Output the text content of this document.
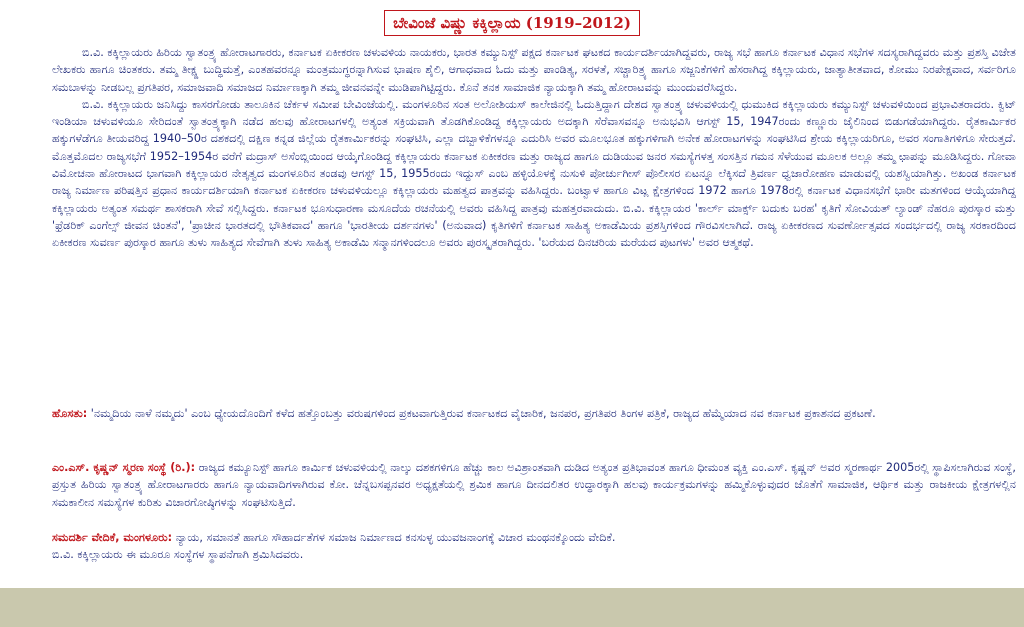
ಬೇವಿಂಜೆ ವಿಷ್ಣು ಕಕ್ಕಿಲ್ಲಾಯ (1919–2012)

ಬಿ.ವಿ. ಕಕ್ಕಿಲ್ಲಾಯರು ಹಿರಿಯ ಸ್ವಾತಂತ್ರ್ಯ ಹೋರಾಟಗಾರರು, ಕರ್ನಾಟಕ ಏಕೀಕರಣ ಚಳುವಳಿಯ ನಾಯಕರು, ಭಾರತ ಕಮ್ಯುನಿಸ್ಟ್ ಪಕ್ಷದ ಕರ್ನಾಟಕ ಘಟಕದ ಕಾರ್ಯದರ್ಶಿಯಾಗಿದ್ದವರು, ರಾಜ್ಯ ಸಭೆ ಹಾಗೂ ಕರ್ನಾಟಕ ವಿಧಾನ ಸಭೆಗಳ ಸದಸ್ಯರಾಗಿದ್ದವರು ಮತ್ತು ಪ್ರಶಸ್ತಿ ವಿಜೇತ ಲೇಖಕರು ಹಾಗೂ ಚಿಂತಕರು. ತಮ್ಮ ತೀಕ್ಷ್ಣ ಬುದ್ಧಿಮತ್ತೆ, ಎಂತಹವರನ್ನೂ ಮಂತ್ರಮುಗ್ಧರನ್ನಾಗಿಸುವ ಭಾಷಣ ಶೈಲಿ, ಆಗಾಧವಾದ ಓದು ಮತ್ತು ಪಾಂಡಿತ್ಯ, ಸರಳತೆ, ಸಚ್ಚಾರಿತ್ರ್ಯ ಹಾಗೂ ಸಜ್ಜನಿಕೆಗಳಿಗೆ ಹೆಸರಾಗಿದ್ದ ಕಕ್ಕಿಲ್ಲಾಯರು, ಜಾತ್ಯಾತೀತವಾದ, ಕೋಮು ನಿರಪೇಕ್ಷವಾದ, ಸರ್ವರಿಗೂ ಸಮಬಾಳನ್ನು ನೀಡಬಲ್ಲ ಪ್ರಗತಿಪರ, ಸಮಾಜವಾದಿ ಸಮಾಜದ ನಿರ್ಮಾಣಕ್ಕಾಗಿ ತಮ್ಮ ಜೀವನವನ್ನೇ ಮುಡಿಪಾಗಿಟ್ಟಿದ್ದರು. ಕೊನೆ ತನಕ ಸಾಮಾಜಿಕ ನ್ಯಾಯಕ್ಕಾಗಿ ತಮ್ಮ ಹೋರಾಟವನ್ನು ಮುಂದುವರೆಸಿದ್ದರು.

ಬಿ.ವಿ. ಕಕ್ಕಿಲ್ಲಾಯರು ಜನಿಸಿದ್ದು ಕಾಸರಗೋಡು ತಾಲೂಕಿನ ಚೆರ್ಕಳ ಸಮೀಪ ಬೇವಿಂಜೆಯಲ್ಲಿ. ಮಂಗಳೂರಿನ ಸಂತ ಅಲೋಶಿಯಸ್ ಕಾಲೇಜಿನಲ್ಲಿ ಓದುತ್ತಿದ್ದಾಗ ದೇಶದ ಸ್ವಾತಂತ್ರ್ಯ ಚಳುವಳಿಯಲ್ಲಿ ಧುಮುಕಿದ ಕಕ್ಕಿಲ್ಲಾಯರು ಕಮ್ಯುನಿಸ್ಟ್ ಚಳುವಳಿಯಿಂದ ಪ್ರಭಾವಿತರಾದರು. ಕ್ವಿಟ್ ಇಂಡಿಯಾ ಚಳುವಳಿಯೂ ಸೇರಿದಂತೆ ಸ್ವಾತಂತ್ರ್ಯಕ್ಕಾಗಿ ನಡೆದ ಹಲವು ಹೋರಾಟಗಳಲ್ಲಿ ಅತ್ಯಂತ ಸಕ್ರಿಯವಾಗಿ ತೊಡಗಿಕೊಂಡಿದ್ದ ಕಕ್ಕಿಲ್ಲಾಯರು ಅದಕ್ಕಾಗಿ ಸೆರೆವಾಸವನ್ನೂ ಅನುಭವಿಸಿ ಆಗಸ್ಟ್ 15, 1947ರಂದು ಕಣ್ಣೂರು ಜೈಲಿನಿಂದ ಬಿಡುಗಡೆಯಾಗಿದ್ದರು. ರೈತಕಾರ್ಮಿಕರ ಹಕ್ಕುಗಳೆಡೆಗೂ ತೀಯವರಿದ್ದ 1940–50ರ ದಶಕದಲ್ಲಿ ದಕ್ಷಿಣ ಕನ್ನಡ ಜಿಲ್ಲೆಯ ರೈತಕಾರ್ಮಿಕರನ್ನು ಸಂಘಟಿಸಿ, ಎಲ್ಲಾ ದಬ್ಬಾಳಿಕೆಗಳನ್ನೂ ಎದುರಿಸಿ ಅವರ ಮೂಲಭೂತ ಹಕ್ಕುಗಳಿಗಾಗಿ ಅನೇಕ ಹೋರಾಟಗಳನ್ನು ಸಂಘಟಿಸಿದ ಶ್ರೇಯ ಕಕ್ಕಿಲ್ಲಾಯರಿಗೂ, ಅವರ ಸಂಗಾತಿಗಳಿಗೂ ಸೇರುತ್ತದೆ. ಮೊತ್ತಮೊದಲ ರಾಜ್ಯಸಭೆಗೆ 1952–1954ರ ವರೆಗೆ ಮದ್ರಾಸ್ ಅಸೆಂಬ್ಲಿಯಿಂದ ಆಯ್ಕೆಗೊಂಡಿದ್ದ ಕಕ್ಕಿಲ್ಲಾಯರು ಕರ್ನಾಟಕ ಏಕೀಕರಣ ಮತ್ತು ರಾಜ್ಯದ ಹಾಗೂ ದುಡಿಯುವ ಜನರ ಸಮಸ್ಯೆಗಳತ್ತ ಸಂಸತ್ತಿನ ಗಮನ ಸೆಳೆಯುವ ಮೂಲಕ ಅಲ್ಲೂ ತಮ್ಮ ಛಾಪನ್ನು ಮೂಡಿಸಿದ್ದರು. ಗೋವಾ ವಿಮೋಚನಾ ಹೋರಾಟದ ಭಾಗವಾಗಿ ಕಕ್ಕಿಲ್ಲಾಯರ ನೇತೃತ್ವದ ಮಂಗಳೂರಿನ ತಂಡವು ಆಗಸ್ಟ್ 15, 1955ರಂದು ಇದ್ದುಸ್ ಎಂಬ ಹಳ್ಳಿಯೊಳಕ್ಕೆ ನುಸುಳಿ ಪೋರ್ಚುಗೀಸ್ ಪೊಲೀಸರ ಏಟನ್ನೂ ಲೆಕ್ಕಿಸದೆ ತ್ರಿವರ್ಣ ಧ್ವಜಾರೋಹಣ ಮಾಡುವಲ್ಲಿ ಯಶಸ್ವಿಯಾಗಿತ್ತು. ಅಖಂಡ ಕರ್ನಾಟಕ ರಾಜ್ಯ ನಿರ್ಮಾಣ ಪರಿಷತ್ತಿನ ಪ್ರಧಾನ ಕಾರ್ಯದರ್ಶಿಯಾಗಿ ಕರ್ನಾಟಕ ಏಕೀಕರಣ ಚಳುವಳಿಯಲ್ಲೂ ಕಕ್ಕಿಲ್ಲಾಯರು ಮಹತ್ವದ ಪಾತ್ರವನ್ನು ವಹಿಸಿದ್ದರು. ಬಂಟ್ವಾಳ ಹಾಗೂ ವಿಟ್ಲ ಕ್ಷೇತ್ರಗಳಿಂದ 1972 ಹಾಗೂ 1978ರಲ್ಲಿ ಕರ್ನಾಟಕ ವಿಧಾನಸಭೆಗೆ ಭಾರೀ ಮತಗಳಿಂದ ಆಯ್ಕೆಯಾಗಿದ್ದ ಕಕ್ಕಿಲ್ಲಾಯರು ಅತ್ಯಂತ ಸಮರ್ಥ ಶಾಸಕರಾಗಿ ಸೇವೆ ಸಲ್ಲಿಸಿದ್ದರು. ಕರ್ನಾಟಕ ಭೂಸುಧಾರಣಾ ಮಸೂದೆಯ ರಚನೆಯಲ್ಲಿ ಅವರು ವಹಿಸಿದ್ದ ಪಾತ್ರವು ಮಹತ್ತರವಾದುದು. ಬಿ.ವಿ. ಕಕ್ಕಿಲ್ಲಾಯರ 'ಕಾರ್ಲ್ ಮಾರ್ಕ್ಸ್ ಬದುಕು ಬರಹ' ಕೃತಿಗೆ ಸೋವಿಯತ್ ಲ್ಯಾಂಡ್ ನೆಹರೂ ಪುರಸ್ಕಾರ ಮತ್ತು 'ಫ್ರೆಡರಿಕ್ ಎಂಗೆಲ್ಸ್ ಜೀವನ ಚಿಂತನೆ', 'ಪ್ರಾಚೀನ ಭಾರತದಲ್ಲಿ ಭೌತಿಕವಾದ' ಹಾಗೂ 'ಭಾರತೀಯ ದರ್ಶನಗಳು' (ಅನುವಾದ) ಕೃತಿಗಳಿಗೆ ಕರ್ನಾಟಕ ಸಾಹಿತ್ಯ ಅಕಾಡೆಮಿಯ ಪ್ರಶಸ್ತಿಗಳಿಂದ ಗೌರವಿಸಲಾಗಿದೆ. ರಾಜ್ಯ ಏಕೀಕರಣದ ಸುವರ್ಣೋತ್ಸವದ ಸಂದರ್ಭದಲ್ಲಿ ರಾಜ್ಯ ಸರಕಾರದಿಂದ ಏಕೀಕರಣ ಸುವರ್ಣ ಪುರಸ್ಕಾರ ಹಾಗೂ ತುಳು ಸಾಹಿತ್ಯದ ಸೇವೆಗಾಗಿ ತುಳು ಸಾಹಿತ್ಯ ಅಕಾಡೆಮಿ ಸನ್ಮಾನಗಳಿಂದಲೂ ಅವರು ಪುರಸ್ಕೃತರಾಗಿದ್ದರು. 'ಬರೆಯದ ದಿನಚರಿಯ ಮರೆಯದ ಪುಟಗಳು' ಅವರ ಆತ್ಮಕಥೆ.

ಹೊಸತು: 'ನಮ್ಮದಿಯ ನಾಳೆ ನಮ್ಮದು' ಎಂಬ ಧ್ಯೇಯದೊಂದಿಗೆ ಕಳೆದ ಹತ್ತೊಂಬತ್ತು ವರುಷಗಳಿಂದ ಪ್ರಕಟವಾಗುತ್ತಿರುವ ಕರ್ನಾಟಕದ ವೈಚಾರಿಕ, ಜನಪರ, ಪ್ರಗತಿಪರ ತಿಂಗಳ ಪತ್ರಿಕೆ, ರಾಜ್ಯದ ಹೆಮ್ಮೆಯಾದ ನವ ಕರ್ನಾಟಕ ಪ್ರಕಾಶನದ ಪ್ರಕಟಣೆ.

ಎಂ.ಎಸ್. ಕೃಷ್ಣನ್ ಸ್ಮರಣ ಸಂಸ್ಥೆ (ರಿ.): ರಾಜ್ಯದ ಕಮ್ಯೂನಿಸ್ಟ್ ಹಾಗೂ ಕಾರ್ಮಿಕ ಚಳುವಳಿಯಲ್ಲಿ ನಾಲ್ಕು ದಶಕಗಳಿಗೂ ಹೆಚ್ಚು ಕಾಲ ಅವಿಶ್ರಾಂತವಾಗಿ ದುಡಿದ ಅತ್ಯಂತ ಪ್ರತಿಭಾವಂತ ಹಾಗೂ ಧೀಮಂತ ವ್ಯಕ್ತಿ ಎಂ.ಎಸ್. ಕೃಷ್ಣನ್ ಅವರ ಸ್ಮರಣಾರ್ಥ 2005ರಲ್ಲಿ ಸ್ಥಾಪಿಸಲಾಗಿರುವ ಸಂಸ್ಥೆ, ಪ್ರಸ್ತುತ ಹಿರಿಯ ಸ್ವಾತಂತ್ರ್ಯ ಹೋರಾಟಗಾರರು ಹಾಗೂ ನ್ಯಾಯವಾದಿಗಳಾಗಿರುವ ಕೋ. ಚೆನ್ನಬಸಪ್ಪನವರ ಅಧ್ಯಕ್ಷತೆಯಲ್ಲಿ ಶ್ರಮಿಕ ಹಾಗೂ ದೀನದಲಿತರ ಉದ್ಧಾರಕ್ಕಾಗಿ ಹಲವು ಕಾರ್ಯಕ್ರಮಗಳನ್ನು ಹಮ್ಮಿಕೊಳ್ಳುವುದರ ಜೊತೆಗೆ ಸಾಮಾಜಿಕ, ಆರ್ಥಿಕ ಮತ್ತು ರಾಜಕೀಯ ಕ್ಷೇತ್ರಗಳಲ್ಲಿನ ಸಮಕಾಲೀನ ಸಮಸ್ಯೆಗಳ ಕುರಿತು ವಿಚಾರಗೋಷ್ಠಿಗಳನ್ನು ಸಂಘಟಿಸುತ್ತಿದೆ.

ಸಮದರ್ಶಿ ವೇದಿಕೆ, ಮಂಗಳೂರು: ನ್ಯಾಯ, ಸಮಾನತೆ ಹಾಗೂ ಸೌಹಾರ್ದತೆಗಳ ಸಮಾಜ ನಿರ್ಮಾಣದ ಕನಸುಳ್ಳ ಯುವಜನಾಂಗಕ್ಕೆ ವಿಚಾರ ಮಂಥನಕ್ಕೊಂದು ವೇದಿಕೆ.

ಬಿ.ವಿ. ಕಕ್ಕಿಲ್ಲಾಯರು ಈ ಮೂರೂ ಸಂಸ್ಥೆಗಳ ಸ್ಥಾಪನೆಗಾಗಿ ಶ್ರಮಿಸಿದವರು.
